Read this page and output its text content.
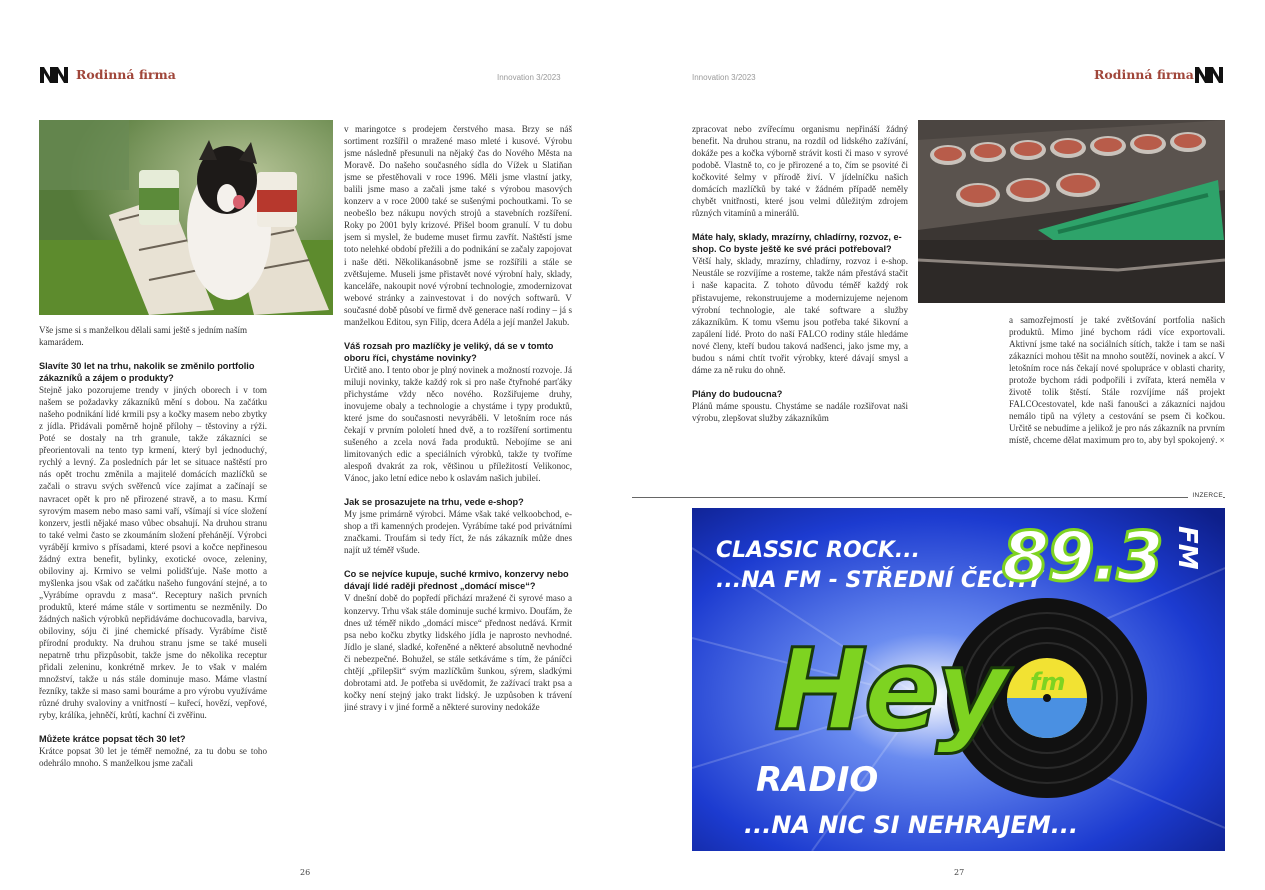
Rodinná firma	Innovation 3/2023

Vše jsme si s manželkou dělali sami ještě s jedním naším kamarádem.

Slavíte 30 let na trhu, nakolik se změnilo portfolio zákazníků a zájem o produkty?

Stejně jako pozorujeme trendy v jiných oborech i v tom našem se požadavky zákazníků mění s dobou. Na začátku našeho podnikání lidé krmili psy a kočky masem nebo zbytky z jídla. Přidávali poměrně hojně přílohy – těstoviny a rýži. Poté se dostaly na trh granule, takže zákazníci se přeorientovali na tento typ krmení, který byl jednoduchý, rychlý a levný. Za posledních pár let se situace naštěstí pro nás opět trochu změnila a majitelé domácích mazlíčků se začali o stravu svých svěřenců více zajímat a začínají se navracet opět k pro ně přirozené stravě, a to masu. Krmí syrovým masem nebo maso sami vaří, všímají si více složení konzerv, jestli nějaké maso vůbec obsahují. Na druhou stranu to také velmi často se zkoumáním složení přehánějí. Výrobci vyrábějí krmivo s přísadami, které psovi a kočce nepřinesou žádný extra benefit, bylinky, exotické ovoce, zeleniny, obiloviny aj. Krmivo se velmi polidšťuje. Naše motto a myšlenka jsou však od začátku našeho fungování stejné, a to „Vyrábíme opravdu z masa“. Receptury našich prvních produktů, které máme stále v sortimentu se nezměnily. Do žádných našich výrobků nepřidáváme dochucovadla, barviva, obiloviny, sóju či jiné chemické přísady. Vyrábíme čistě přírodní produkty. Na druhou stranu jsme se také museli nepatrně trhu přizpůsobit, takže jsme do několika receptur přidali zeleninu, konkrétně mrkev. Je to však v malém množství, takže u nás stále dominuje maso. Máme vlastní řezníky, takže si maso sami bouráme a pro výrobu využíváme různé druhy svaloviny a vnitřností – kuřecí, hovězí, vepřové, ryby, králíka, jehněčí, krůtí, kachní či zvěřinu.

Můžete krátce popsat těch 30 let?

Krátce popsat 30 let je téměř nemožné, za tu dobu se toho odehrálo mnoho. S manželkou jsme začali

v maringotce s prodejem čerstvého masa. Brzy se náš sortiment rozšířil o mražené maso mleté i kusové. Výrobu jsme následně přesunuli na nějaký čas do Nového Města na Moravě. Do našeho současného sídla do Vížek u Slatiňan jsme se přestěhovali v roce 1996. Měli jsme vlastní jatky, balili jsme maso a začali jsme také s výrobou masových konzerv a v roce 2000 také se sušenými pochoutkami. To se neobešlo bez nákupu nových strojů a stavebních rozšíření. Roky po 2001 byly krizové. Přišel boom granulí. V tu dobu jsem si myslel, že budeme muset firmu zavřít. Naštěstí jsme toto nelehké období přežili a do podnikání se začaly zapojovat i naše děti. Několikanásobně jsme se rozšířili a stále se zvětšujeme. Museli jsme přistavět nové výrobní haly, sklady, kanceláře, nakoupit nové výrobní technologie, zmodernizovat webové stránky a zainvestovat i do nových softwarů. V současné době působí ve firmě dvě generace naší rodiny – já s manželkou Editou, syn Filip, dcera Adéla a její manžel Jakub.

Váš rozsah pro mazlíčky je veliký, dá se v tomto oboru říci, chystáme novinky?

Určitě ano. I tento obor je plný novinek a možností rozvoje. Já miluji novinky, takže každý rok si pro naše čtyřnohé parťáky přichystáme vždy něco nového. Rozšiřujeme druhy, inovujeme obaly a technologie a chystáme i typy produktů, které jsme do současnosti nevyráběli. V letošním roce nás čekají v prvním pololetí hned dvě, a to rozšíření sortimentu sušeného a zcela nová řada produktů. Nebojíme se ani limitovaných edic a speciálních výrobků, takže ty tvoříme alespoň dvakrát za rok, většinou u příležitostí Velikonoc, Vánoc, jako letní edice nebo k oslavám našich jubileí.

Jak se prosazujete na trhu, vede e-shop?

My jsme primárně výrobci. Máme však také velkoobchod, e-shop a tři kamenných prodejen. Vyrábíme také pod privátními značkami. Troufám si tedy říct, že nás zákazník může dnes najít už téměř všude.

Co se nejvíce kupuje, suché krmivo, konzervy nebo dávají lidé raději přednost „domácí misce“?

V dnešní době do popředí přichází mražené či syrové maso a konzervy. Trhu však stále dominuje suché krmivo. Doufám, že dnes už téměř nikdo „domácí misce“ přednost nedává. Krmit psa nebo kočku zbytky lidského jídla je naprosto nevhodné. Jídlo je slané, sladké, kořeněné a některé absolutně nevhodné či nebezpečné. Bohužel, se stále setkáváme s tím, že páníčci chtějí „přilepšit“ svým mazlíčkům šunkou, sýrem, sladkými dobrotami atd. Je potřeba si uvědomit, že zažívací trakt psa a kočky není stejný jako trakt lidský. Je uzpůsoben k trávení jiné stravy i v jiné formě a některé suroviny nedokáže

26
Innovation 3/2023	Rodinná firma
27

zpracovat nebo zvířecímu organismu nepřináší žádný benefit. Na druhou stranu, na rozdíl od lidského zažívání, dokáže pes a kočka výborně strávit kosti či maso v syrové podobě. Vlastně to, co je přirozené a to, čím se psovité či kočkovité šelmy v přírodě živí. V jídelníčku našich domácích mazlíčků by také v žádném případě neměly chybět vnitřnosti, které jsou velmi důležitým zdrojem různých vitamínů a minerálů.

Máte haly, sklady, mrazírny, chladírny, rozvoz, e-shop. Co byste ještě ke své práci potřeboval?

Větší haly, sklady, mrazírny, chladírny, rozvoz i e-shop. Neustále se rozvíjíme a rosteme, takže nám přestává stačit i naše kapacita. Z tohoto důvodu téměř každý rok přistavujeme, rekonstruujeme a modernizujeme nejenom výrobní technologie, ale také software a služby zákazníkům. K tomu všemu jsou potřeba také šikovní a zapálení lidé. Proto do naší FALCO rodiny stále hledáme nové členy, kteří budou taková nadšenci, jako jsme my, a budou s námi chtít tvořit výrobky, které dávají smysl a dáme za ně ruku do ohně.

Plány do budoucna?

Plánů máme spoustu. Chystáme se nadále rozšiřovat naši výrobu, zlepšovat služby zákazníkům

a samozřejmostí je také zvětšování portfolia našich produktů. Mimo jiné bychom rádi více exportovali. Aktivní jsme také na sociálních sítích, takže i tam se naši zákazníci mohou těšit na mnoho soutěží, novinek a akcí. V letošním roce nás čekají nové spolupráce v oblasti charity, protože bychom rádi podpořili i zvířata, která neměla v životě tolik štěstí. Stále rozvíjíme náš projekt FALCOcestovatel, kde naši fanoušci a zákazníci najdou nemálo tipů na výlety a cestování se psem či kočkou. Určitě se nebudíme a jelikož je pro nás zákazník na prvním místě, chceme dělat maximum pro to, aby byl spokojený. ×

INZERCE
CLASSIC ROCK...
...NA FM - STŘEDNÍ ČECHY
89.3 FM
Hey fm
RADIO
...NA NIC SI NEHRAJEM...
